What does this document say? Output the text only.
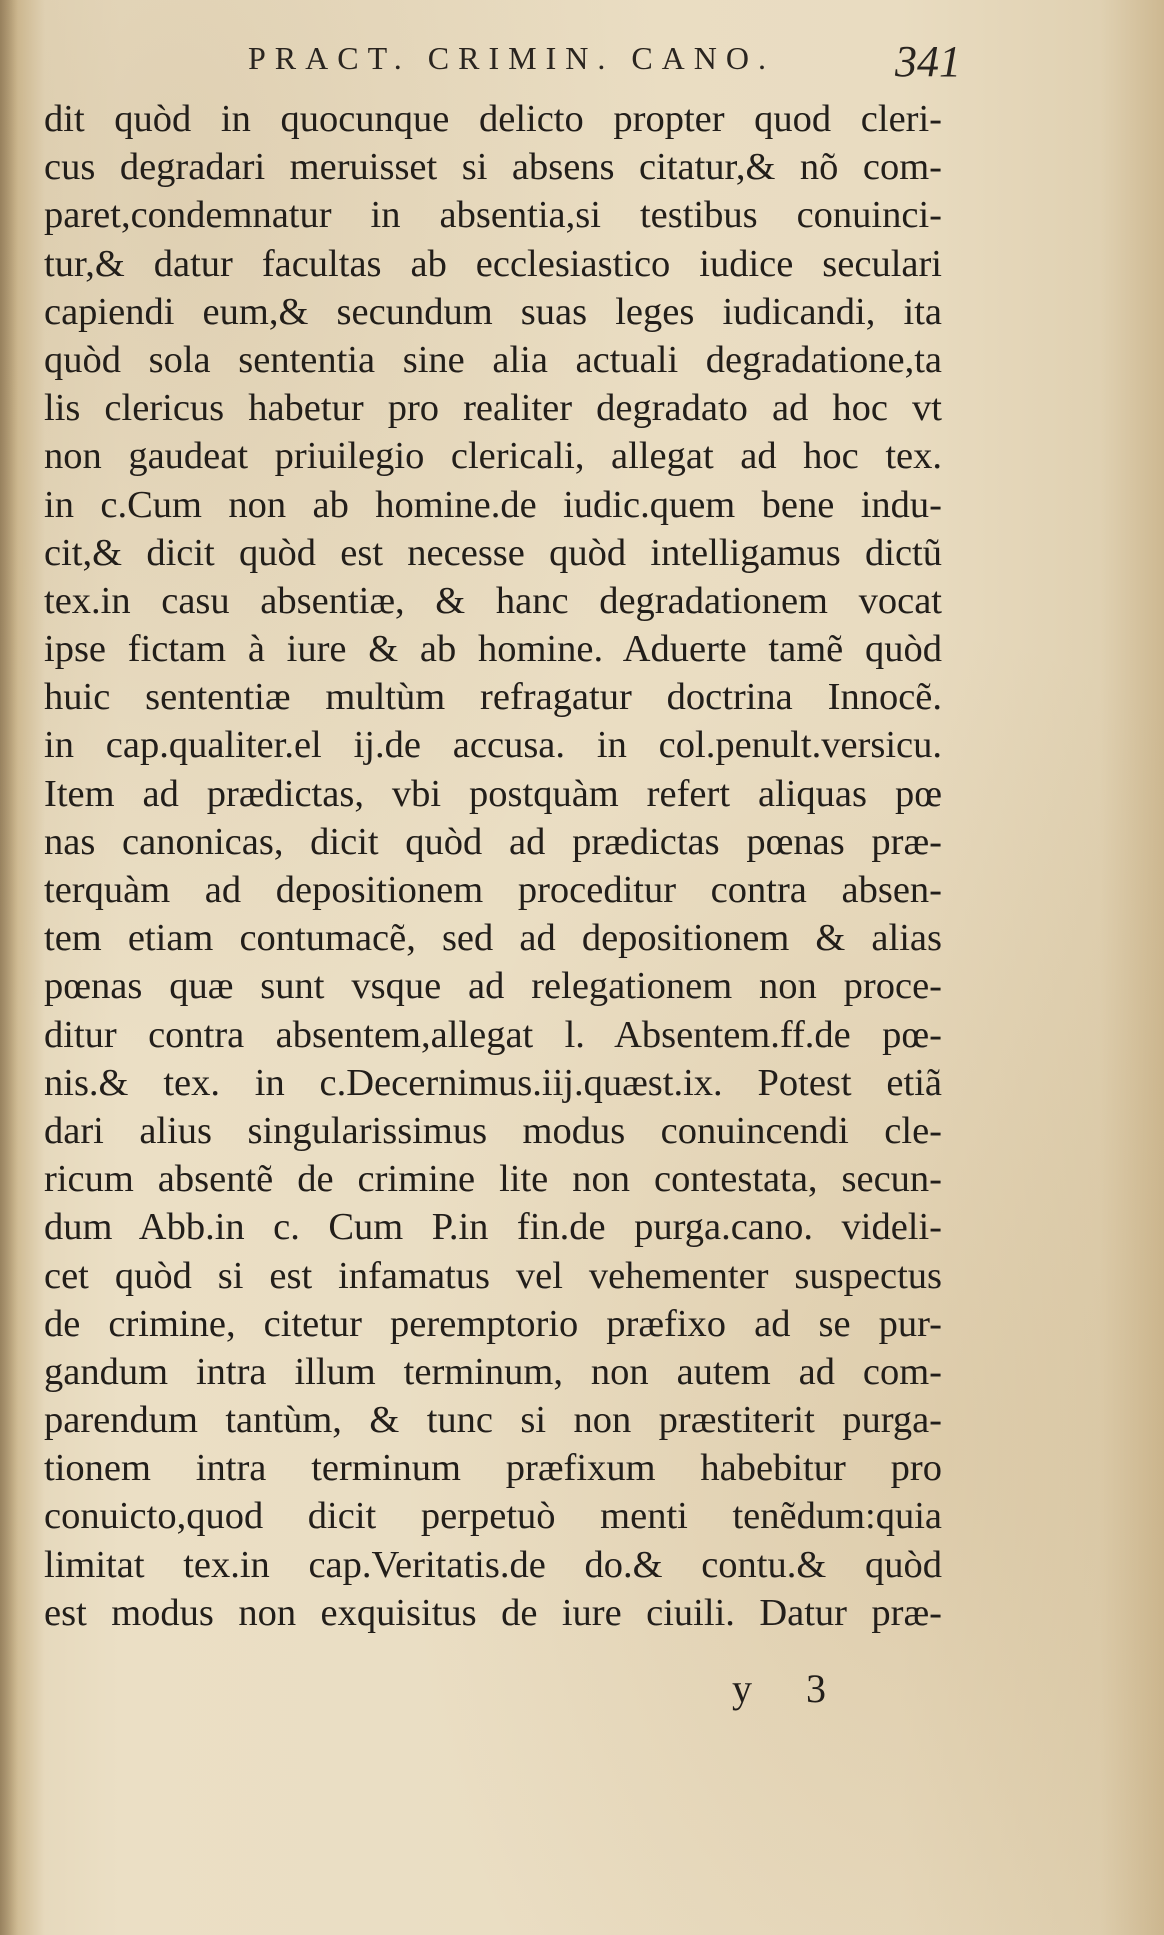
PRACT. CRIMIN. CANO.	341
dit quòd in quocunque delicto propter quod cleri-
cus degradari meruisset si absens citatur,& nõ com-
paret,condemnatur in absentia,si testibus conuinci-
tur,& datur facultas ab ecclesiastico iudice seculari
capiendi eum,& secundum suas leges iudicandi, ita
quòd sola sententia sine alia actuali degradatione,ta
lis clericus habetur pro realiter degradato ad hoc vt
non gaudeat priuilegio clericali, allegat ad hoc tex.
in c.Cum non ab homine.de iudic.quem bene indu-
cit,& dicit quòd est necesse quòd intelligamus dictũ
tex.in casu absentiæ, & hanc degradationem vocat
ipse fictam à iure & ab homine. Aduerte tamẽ quòd
huic sententiæ multùm refragatur doctrina Innocẽ.
in cap.qualiter.el ij.de accusa. in col.penult.versicu.
Item ad prædictas, vbi postquàm refert aliquas pœ
nas canonicas, dicit quòd ad prædictas pœnas præ-
terquàm ad depositionem proceditur contra absen-
tem etiam contumacẽ, sed ad depositionem & alias
pœnas quæ sunt vsque ad relegationem non proce-
ditur contra absentem,allegat l. Absentem.ff.de pœ-
nis.& tex. in c.Decernimus.iij.quæst.ix. Potest etiã
dari alius singularissimus modus conuincendi cle-
ricum absentẽ de crimine lite non contestata, secun-
dum Abb.in c. Cum P.in fin.de purga.cano. videli-
cet quòd si est infamatus vel vehementer suspectus
de crimine, citetur peremptorio præfixo ad se pur-
gandum intra illum terminum, non autem ad com-
parendum tantùm, & tunc si non præstiterit purga-
tionem intra terminum præfixum habebitur pro
conuicto,quod dicit perpetuò menti tenẽdum:quia
limitat tex.in cap.Veritatis.de do.& contu.& quòd
est modus non exquisitus de iure ciuili. Datur præ-
y 3
